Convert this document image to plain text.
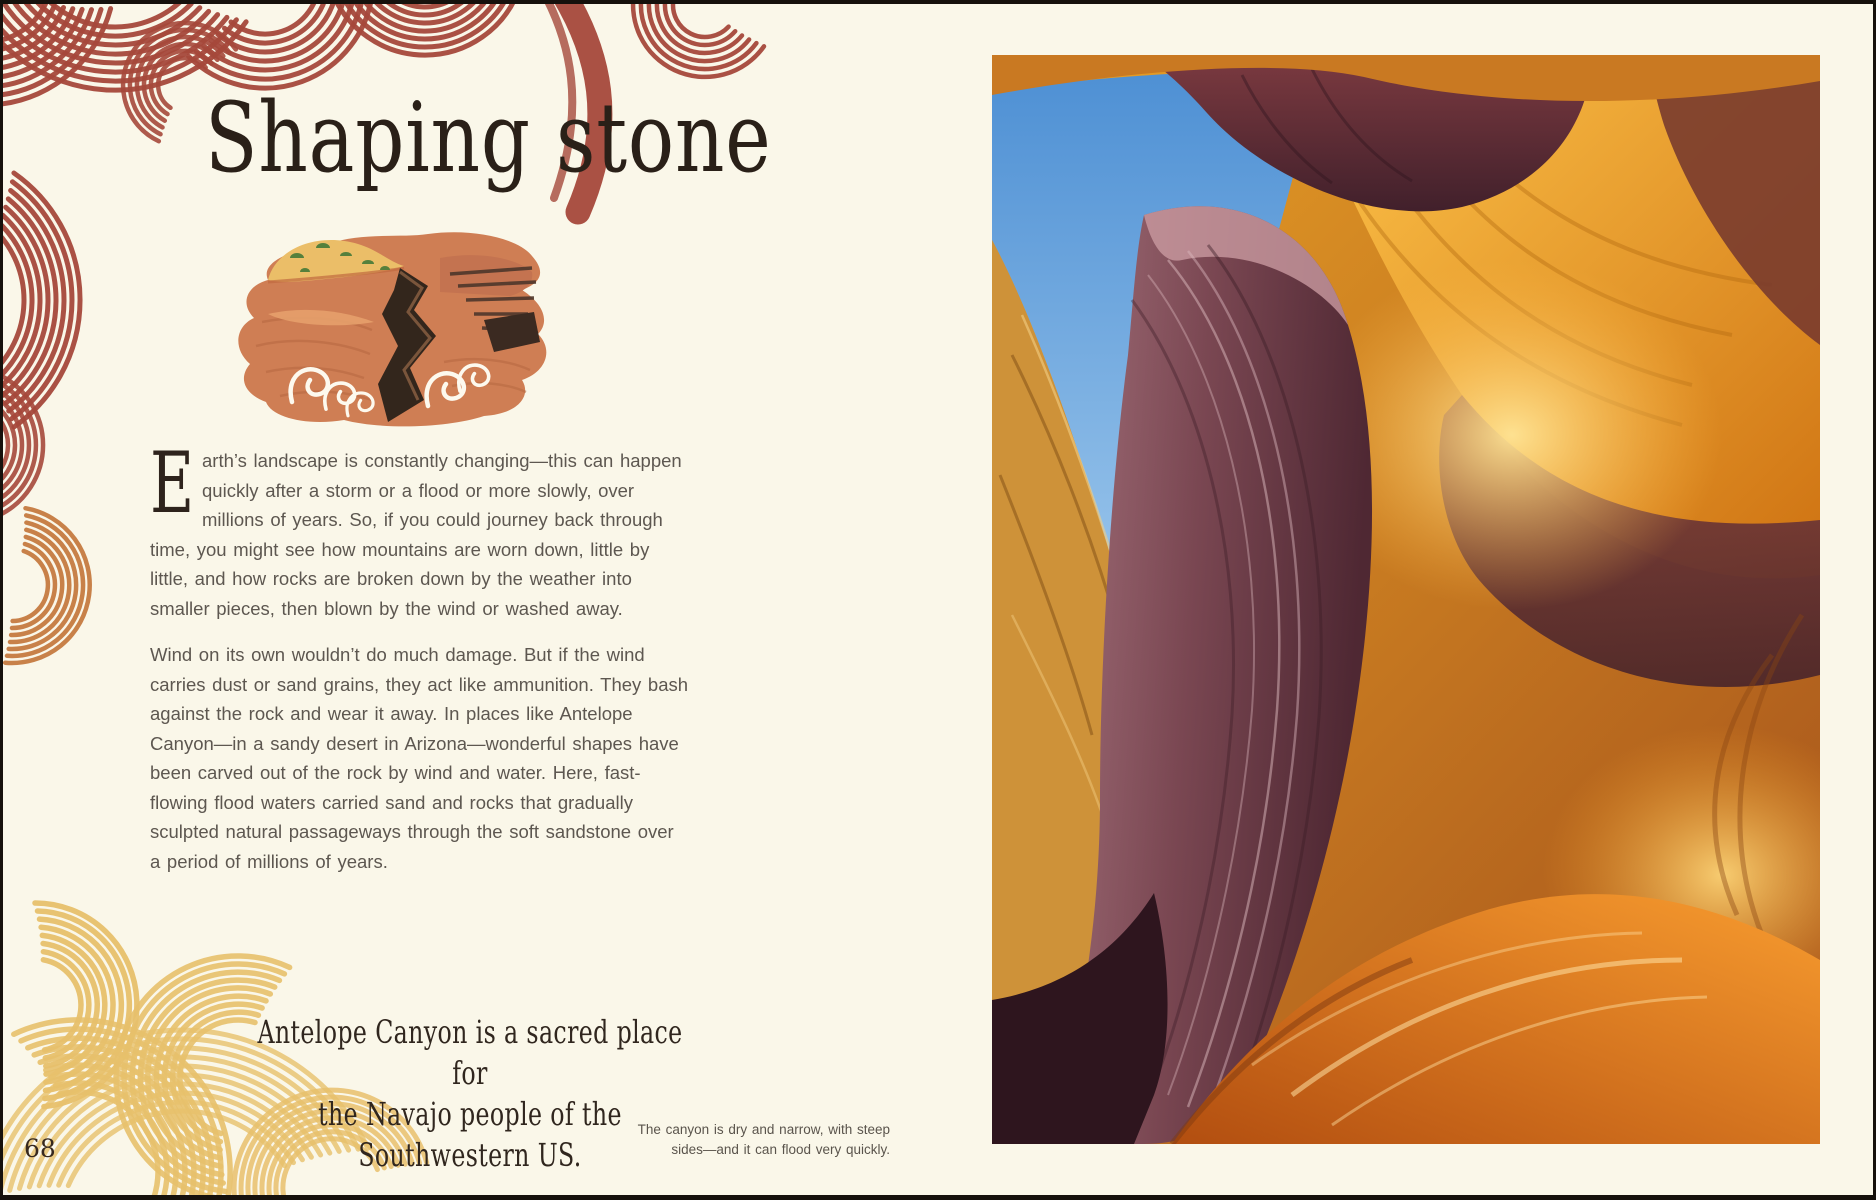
Shaping stone

Earth’s landscape is constantly changing—this can happen quickly after a storm or a flood or more slowly, over millions of years. So, if you could journey back through time, you might see how mountains are worn down, little by little, and how rocks are broken down by the weather into smaller pieces, then blown by the wind or washed away.

Wind on its own wouldn’t do much damage. But if the wind carries dust or sand grains, they act like ammunition. They bash against the rock and wear it away. In places like Antelope Canyon—in a sandy desert in Arizona—wonderful shapes have been carved out of the rock by wind and water. Here, fast-flowing flood waters carried sand and rocks that gradually sculpted natural passageways through the soft sandstone over a period of millions of years.

Antelope Canyon is a sacred place for
the Navajo people of the Southwestern US.
The canyon is dry and narrow, with steep
sides—and it can flood very quickly.
68
